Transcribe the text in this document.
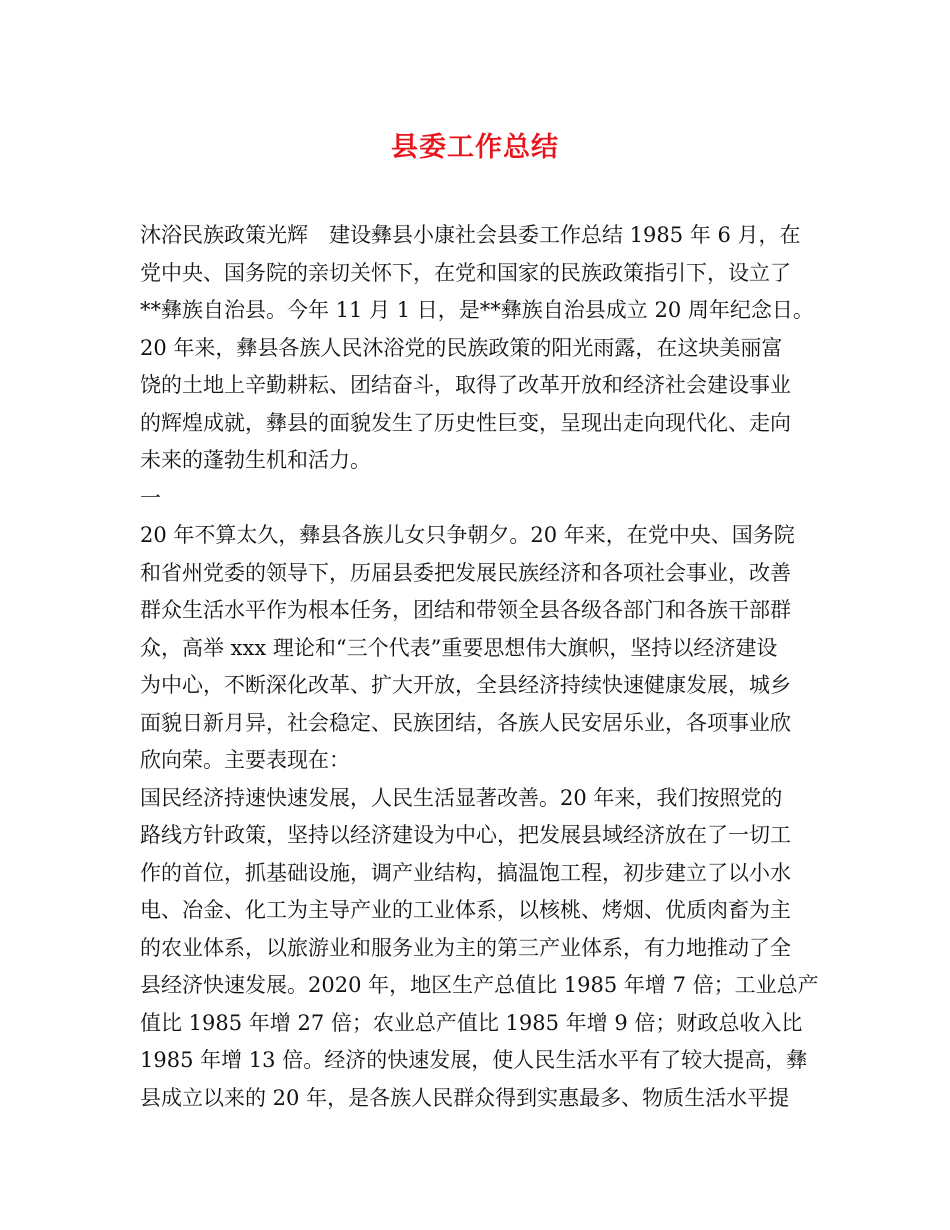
县委工作总结
沐浴民族政策光辉　建设彝县小康社会县委工作总结 1985 年 6 月，在
党中央、国务院的亲切关怀下，在党和国家的民族政策指引下，设立了
**彝族自治县。今年 11 月 1 日，是**彝族自治县成立 20 周年纪念日。
20 年来，彝县各族人民沐浴党的民族政策的阳光雨露，在这块美丽富
饶的土地上辛勤耕耘、团结奋斗，取得了改革开放和经济社会建设事业
的辉煌成就，彝县的面貌发生了历史性巨变，呈现出走向现代化、走向
未来的蓬勃生机和活力。
一
20 年不算太久，彝县各族儿女只争朝夕。20 年来，在党中央、国务院
和省州党委的领导下，历届县委把发展民族经济和各项社会事业，改善
群众生活水平作为根本任务，团结和带领全县各级各部门和各族干部群
众，高举 xxx 理论和“三个代表”重要思想伟大旗帜，坚持以经济建设
为中心，不断深化改革、扩大开放，全县经济持续快速健康发展，城乡
面貌日新月异，社会稳定、民族团结，各族人民安居乐业，各项事业欣
欣向荣。主要表现在：
国民经济持速快速发展，人民生活显著改善。20 年来，我们按照党的
路线方针政策，坚持以经济建设为中心，把发展县域经济放在了一切工
作的首位，抓基础设施，调产业结构，搞温饱工程，初步建立了以小水
电、冶金、化工为主导产业的工业体系，以核桃、烤烟、优质肉畜为主
的农业体系，以旅游业和服务业为主的第三产业体系，有力地推动了全
县经济快速发展。2020 年，地区生产总值比 1985 年增 7 倍；工业总产
值比 1985 年增 27 倍；农业总产值比 1985 年增 9 倍；财政总收入比
1985 年增 13 倍。经济的快速发展，使人民生活水平有了较大提高，彝
县成立以来的 20 年，是各族人民群众得到实惠最多、物质生活水平提
